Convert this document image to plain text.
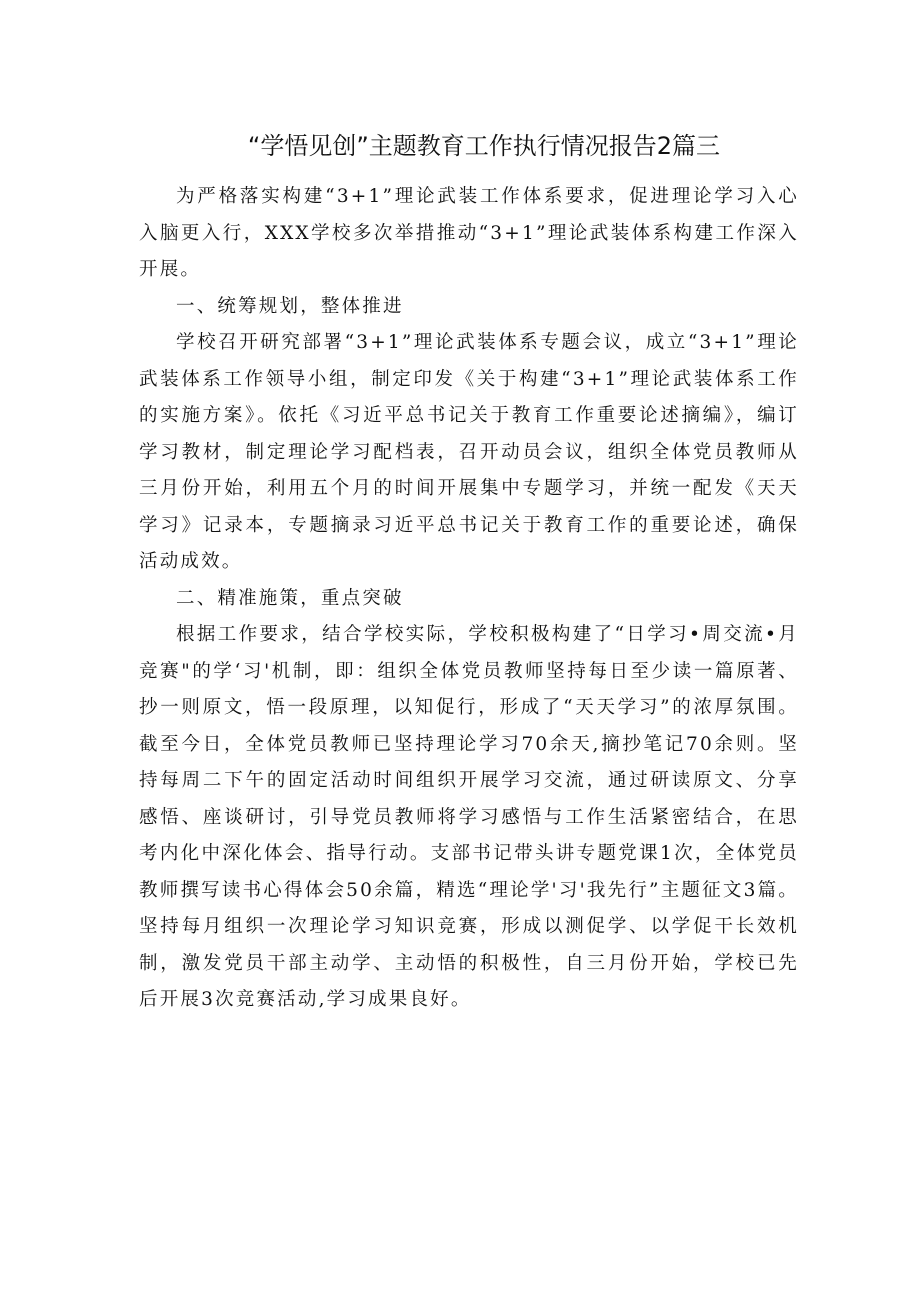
“学悟见创”主题教育工作执行情况报告2篇三

为严格落实构建“3+1”理论武装工作体系要求，促进理论学习入心入脑更入行，XXX学校多次举措推动“3+1”理论武装体系构建工作深入开展。

一、统筹规划，整体推进

学校召开研究部署“3+1”理论武装体系专题会议，成立“3+1”理论武装体系工作领导小组，制定印发《关于构建“3+1”理论武装体系工作的实施方案》。依托《习近平总书记关于教育工作重要论述摘编》，编订学习教材，制定理论学习配档表，召开动员会议，组织全体党员教师从三月份开始，利用五个月的时间开展集中专题学习，并统一配发《天天学习》记录本，专题摘录习近平总书记关于教育工作的重要论述，确保活动成效。

二、精准施策，重点突破

根据工作要求，结合学校实际，学校积极构建了“日学习•周交流•月竞赛"的学‘习'机制，即：组织全体党员教师坚持每日至少读一篇原著、抄一则原文，悟一段原理，以知促行，形成了“天天学习”的浓厚氛围。截至今日，全体党员教师已坚持理论学习70余天,摘抄笔记70余则。坚持每周二下午的固定活动时间组织开展学习交流，通过研读原文、分享感悟、座谈研讨，引导党员教师将学习感悟与工作生活紧密结合，在思考内化中深化体会、指导行动。支部书记带头讲专题党课1次，全体党员教师撰写读书心得体会50余篇，精选“理论学'习'我先行”主题征文3篇。坚持每月组织一次理论学习知识竞赛，形成以测促学、以学促干长效机制，激发党员干部主动学、主动悟的积极性，自三月份开始，学校已先后开展3次竞赛活动,学习成果良好。
